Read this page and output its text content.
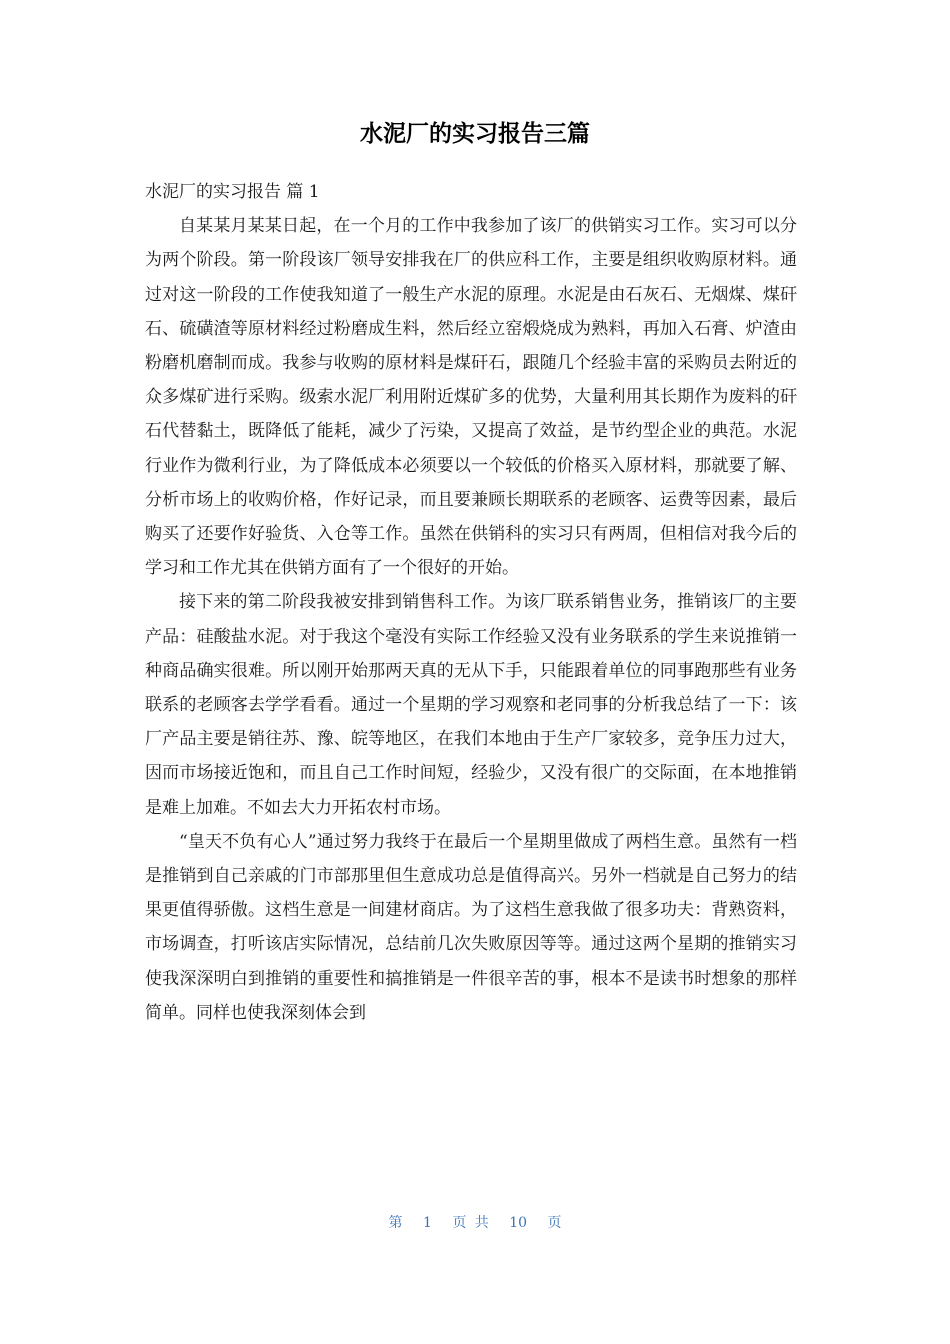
水泥厂的实习报告三篇

水泥厂的实习报告 篇 1

自某某月某某日起，在一个月的工作中我参加了该厂的供销实习工作。实习可以分为两个阶段。第一阶段该厂领导安排我在厂的供应科工作，主要是组织收购原材料。通过对这一阶段的工作使我知道了一般生产水泥的原理。水泥是由石灰石、无烟煤、煤矸石、硫磺渣等原材料经过粉磨成生料，然后经立窑煅烧成为熟料，再加入石膏、炉渣由粉磨机磨制而成。我参与收购的原材料是煤矸石，跟随几个经验丰富的采购员去附近的众多煤矿进行采购。级索水泥厂利用附近煤矿多的优势，大量利用其长期作为废料的矸石代替黏土，既降低了能耗，减少了污染，又提高了效益，是节约型企业的典范。水泥行业作为微利行业，为了降低成本必须要以一个较低的价格买入原材料，那就要了解、分析市场上的收购价格，作好记录，而且要兼顾长期联系的老顾客、运费等因素，最后购买了还要作好验货、入仓等工作。虽然在供销科的实习只有两周，但相信对我今后的学习和工作尤其在供销方面有了一个很好的开始。

接下来的第二阶段我被安排到销售科工作。为该厂联系销售业务，推销该厂的主要产品：硅酸盐水泥。对于我这个毫没有实际工作经验又没有业务联系的学生来说推销一种商品确实很难。所以刚开始那两天真的无从下手，只能跟着单位的同事跑那些有业务联系的老顾客去学学看看。通过一个星期的学习观察和老同事的分析我总结了一下：该厂产品主要是销往苏、豫、皖等地区，在我们本地由于生产厂家较多，竞争压力过大，因而市场接近饱和，而且自己工作时间短，经验少，又没有很广的交际面，在本地推销是难上加难。不如去大力开拓农村市场。

“皇天不负有心人”通过努力我终于在最后一个星期里做成了两档生意。虽然有一档是推销到自己亲戚的门市部那里但生意成功总是值得高兴。另外一档就是自己努力的结果更值得骄傲。这档生意是一间建材商店。为了这档生意我做了很多功夫：背熟资料，市场调查，打听该店实际情况，总结前几次失败原因等等。通过这两个星期的推销实习使我深深明白到推销的重要性和搞推销是一件很辛苦的事，根本不是读书时想象的那样简单。同样也使我深刻体会到

第 1 页 共 10 页
